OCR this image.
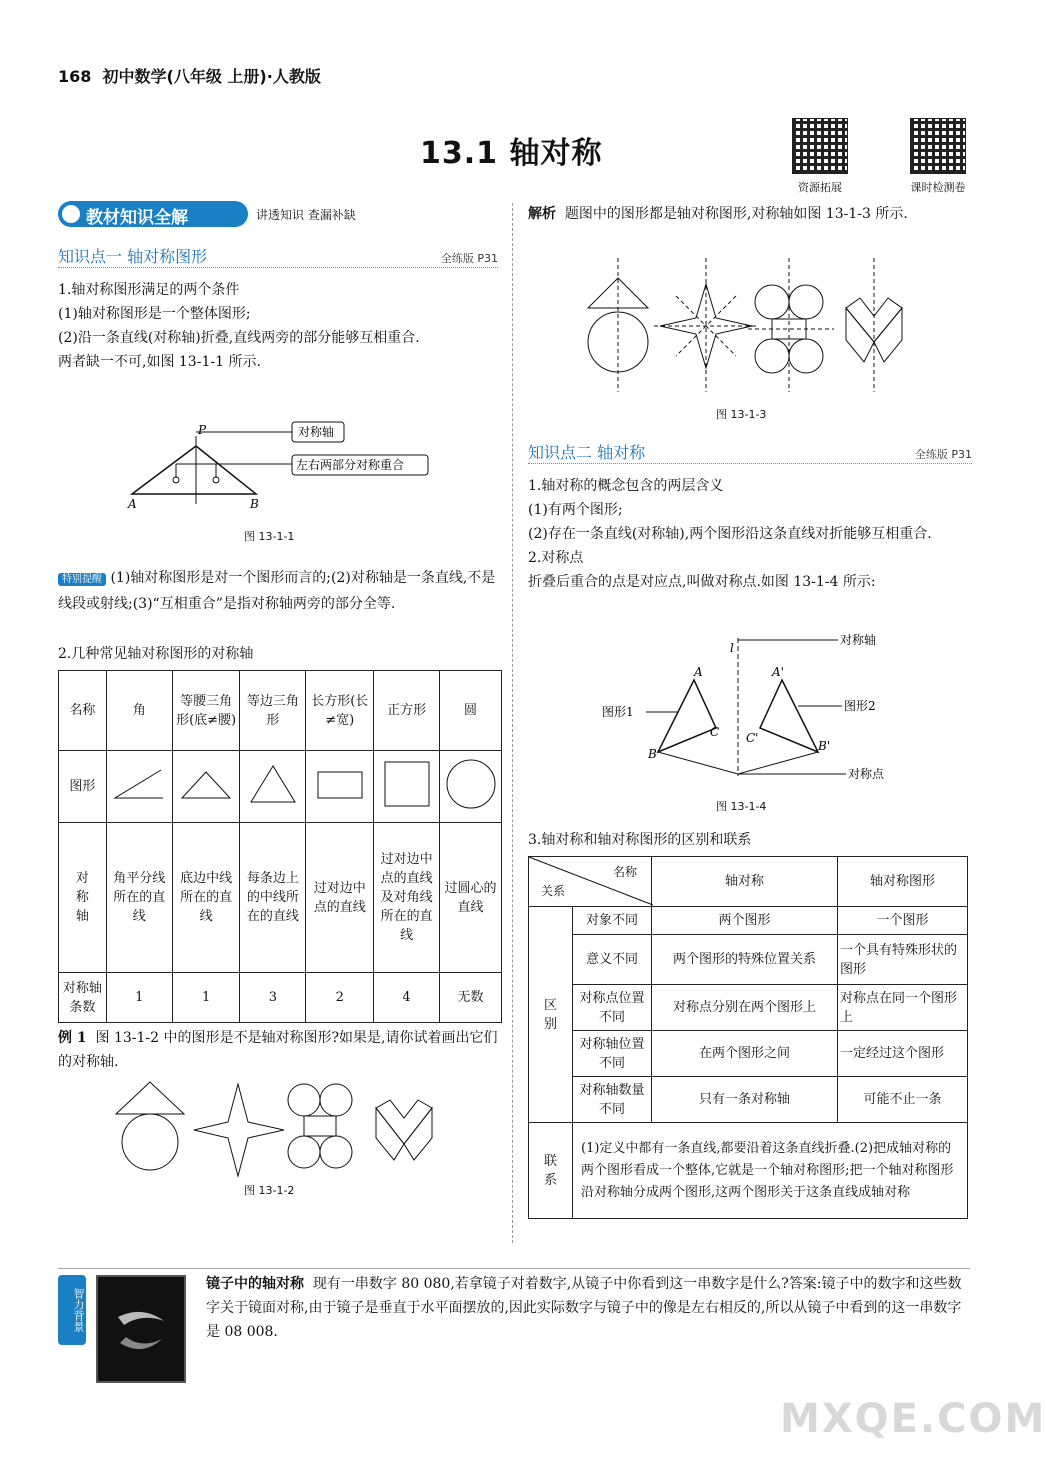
168 初中数学(八年级 上册)·人教版
13.1 轴对称
资源拓展	课时检测卷
教材知识全解	讲透知识 查漏补缺
知识点一 轴对称图形	全练版 P31
1.轴对称图形满足的两个条件
(1)轴对称图形是一个整体图形;
(2)沿一条直线(对称轴)折叠,直线两旁的部分能够互相重合.
两者缺一不可,如图 13-1-1 所示.
对称轴
左右两部分对称重合
P
A	B
图 13-1-1
特别提醒 (1)轴对称图形是对一个图形而言的;(2)对称轴是一条直线,不是线段或射线;(3)“互相重合”是指对称轴两旁的部分全等.
2.几种常见轴对称图形的对称轴
名称	角	等腰三角形(底≠腰)	等边三角形	长方形(长≠宽)	正方形	圆
图形						
对称轴	角平分线所在的直线	底边中线所在的直线	每条边上的中线所在的直线	过对边中点的直线	过对边中点的直线及对角线所在的直线	过圆心的直线
对称轴条数	1	1	3	2	4	无数
例 1 图 13-1-2 中的图形是不是轴对称图形?如果是,请你试着画出它们的对称轴.
图 13-1-2
解析 题图中的图形都是轴对称图形,对称轴如图 13-1-3 所示.
图 13-1-3
知识点二 轴对称	全练版 P31
1.轴对称的概念包含的两层含义
(1)有两个图形;
(2)存在一条直线(对称轴),两个图形沿这条直线对折能够互相重合.
2.对称点
折叠后重合的点是对应点,叫做对称点.如图 13-1-4 所示:
l
对称轴
A	A'
C C'
B
B'
图形1	图形2
对称点
图 13-1-4
3.轴对称和轴对称图形的区别和联系
名称
关系		轴对称	轴对称图形
区别	对象不同	两个图形	一个图形
	意义不同	两个图形的特殊位置关系	一个具有特殊形状的图形
	对称点位置不同	对称点分别在两个图形上	对称点在同一个图形上
	对称轴位置不同	在两个图形之间	一定经过这个图形
	对称轴数量不同	只有一条对称轴	可能不止一条
联系	(1)定义中都有一条直线,都要沿着这条直线折叠.(2)把成轴对称的两个图形看成一个整体,它就是一个轴对称图形;把一个轴对称图形沿对称轴分成两个图形,这两个图形关于这条直线成轴对称		
智力背景
镜子中的轴对称 现有一串数字 80 080,若拿镜子对着数字,从镜子中你看到这一串数字是什么?答案:镜子中的数字和这些数字关于镜面对称,由于镜子是垂直于水平面摆放的,因此实际数字与镜子中的像是左右相反的,所以从镜子中看到的这一串数字是 08 008.
MXQE.COM
